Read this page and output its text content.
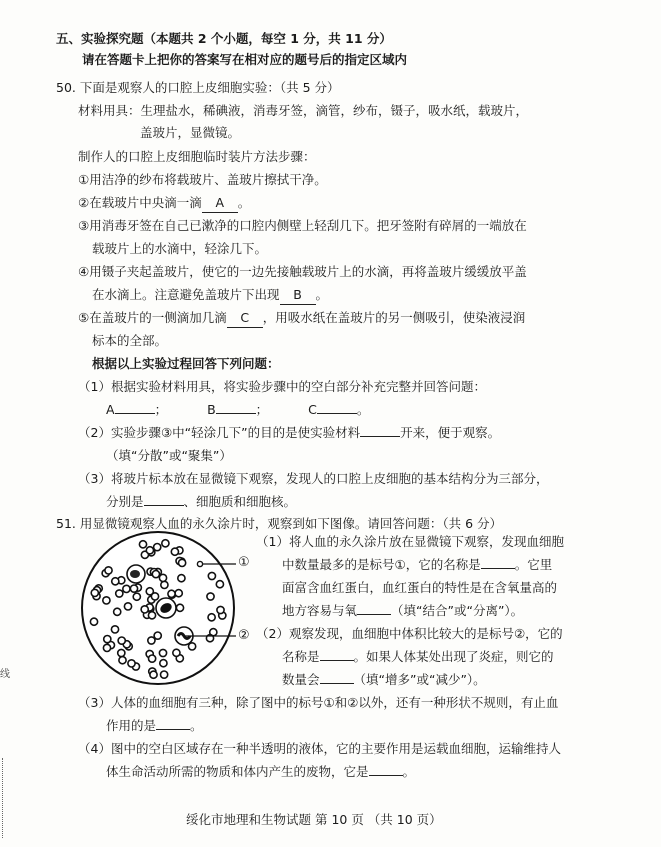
五、实验探究题（本题共 2 个小题，每空 1 分，共 11 分）
请在答题卡上把你的答案写在相对应的题号后的指定区域内
50. 下面是观察人的口腔上皮细胞实验：（共 5 分）
材料用具：生理盐水，稀碘液，消毒牙签，滴管，纱布，镊子，吸水纸，载玻片，
盖玻片，显微镜。
制作人的口腔上皮细胞临时装片方法步骤：
①用洁净的纱布将载玻片、盖玻片擦拭干净。
②在载玻片中央滴一滴 A 。
③用消毒牙签在自己已漱净的口腔内侧壁上轻刮几下。把牙签附有碎屑的一端放在
载玻片上的水滴中，轻涂几下。
④用镊子夹起盖玻片，使它的一边先接触载玻片上的水滴，再将盖玻片缓缓放平盖
在水滴上。注意避免盖玻片下出现 B 。
⑤在盖玻片的一侧滴加几滴 C ，用吸水纸在盖玻片的另一侧吸引，使染液浸润
标本的全部。
根据以上实验过程回答下列问题：
（1）根据实验材料用具，将实验步骤中的空白部分补充完整并回答问题：
A	；	B	；	C	。
（2）实验步骤③中“轻涂几下”的目的是使实验材料	开来，便于观察。
（填“分散”或“聚集”）
（3）将玻片标本放在显微镜下观察，发现人的口腔上皮细胞的基本结构分为三部分，
分别是	、细胞质和细胞核。
51. 用显微镜观察人血的永久涂片时，观察到如下图像。请回答问题：（共 6 分）
①
②
（1）将人血的永久涂片放在显微镜下观察，发现血细胞
中数量最多的是标号①，它的名称是	。它里
面富含血红蛋白，血红蛋白的特性是在含氧量高的
地方容易与氧	（填“结合”或“分离”）。
（2）观察发现，血细胞中体积比较大的是标号②，它的
名称是	。如果人体某处出现了炎症，则它的
数量会	（填“增多”或“减少”）。
（3）人体的血细胞有三种，除了图中的标号①和②以外，还有一种形状不规则，有止血
作用的是	。
（4）图中的空白区域存在一种半透明的液体，它的主要作用是运载血细胞，运输维持人
体生命活动所需的物质和体内产生的废物，它是	。
绥化市地理和生物试题 第 10 页 （共 10 页）
线
